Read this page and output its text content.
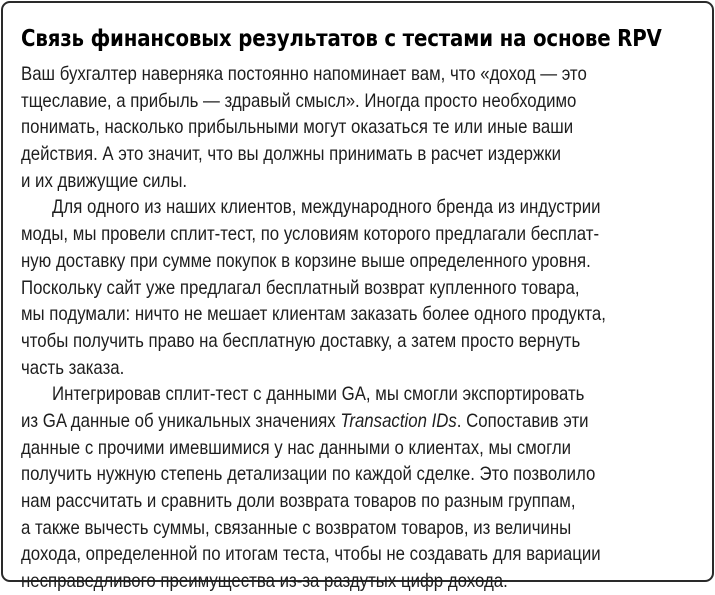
Связь финансовых результатов с тестами на основе RPV
Ваш бухгалтер наверняка постоянно напоминает вам, что «доход — это
тщеславие, а прибыль — здравый смысл». Иногда просто необходимо
понимать, насколько прибыльными могут оказаться те или иные ваши
действия. А это значит, что вы должны принимать в расчет издержки
и их движущие силы.
Для одного из наших клиентов, международного бренда из индустрии
моды, мы провели сплит-тест, по условиям которого предлагали бесплат-
ную доставку при сумме покупок в корзине выше определенного уровня.
Поскольку сайт уже предлагал бесплатный возврат купленного товара,
мы подумали: ничто не мешает клиентам заказать более одного продукта,
чтобы получить право на бесплатную доставку, а затем просто вернуть
часть заказа.
Интегрировав сплит-тест с данными GA, мы смогли экспортировать
из GA данные об уникальных значениях Transaction IDs. Сопоставив эти
данные с прочими имевшимися у нас данными о клиентах, мы смогли
получить нужную степень детализации по каждой сделке. Это позволило
нам рассчитать и сравнить доли возврата товаров по разным группам,
а также вычесть суммы, связанные с возвратом товаров, из величины
дохода, определенной по итогам теста, чтобы не создавать для вариации
несправедливого преимущества из-за раздутых цифр дохода.
